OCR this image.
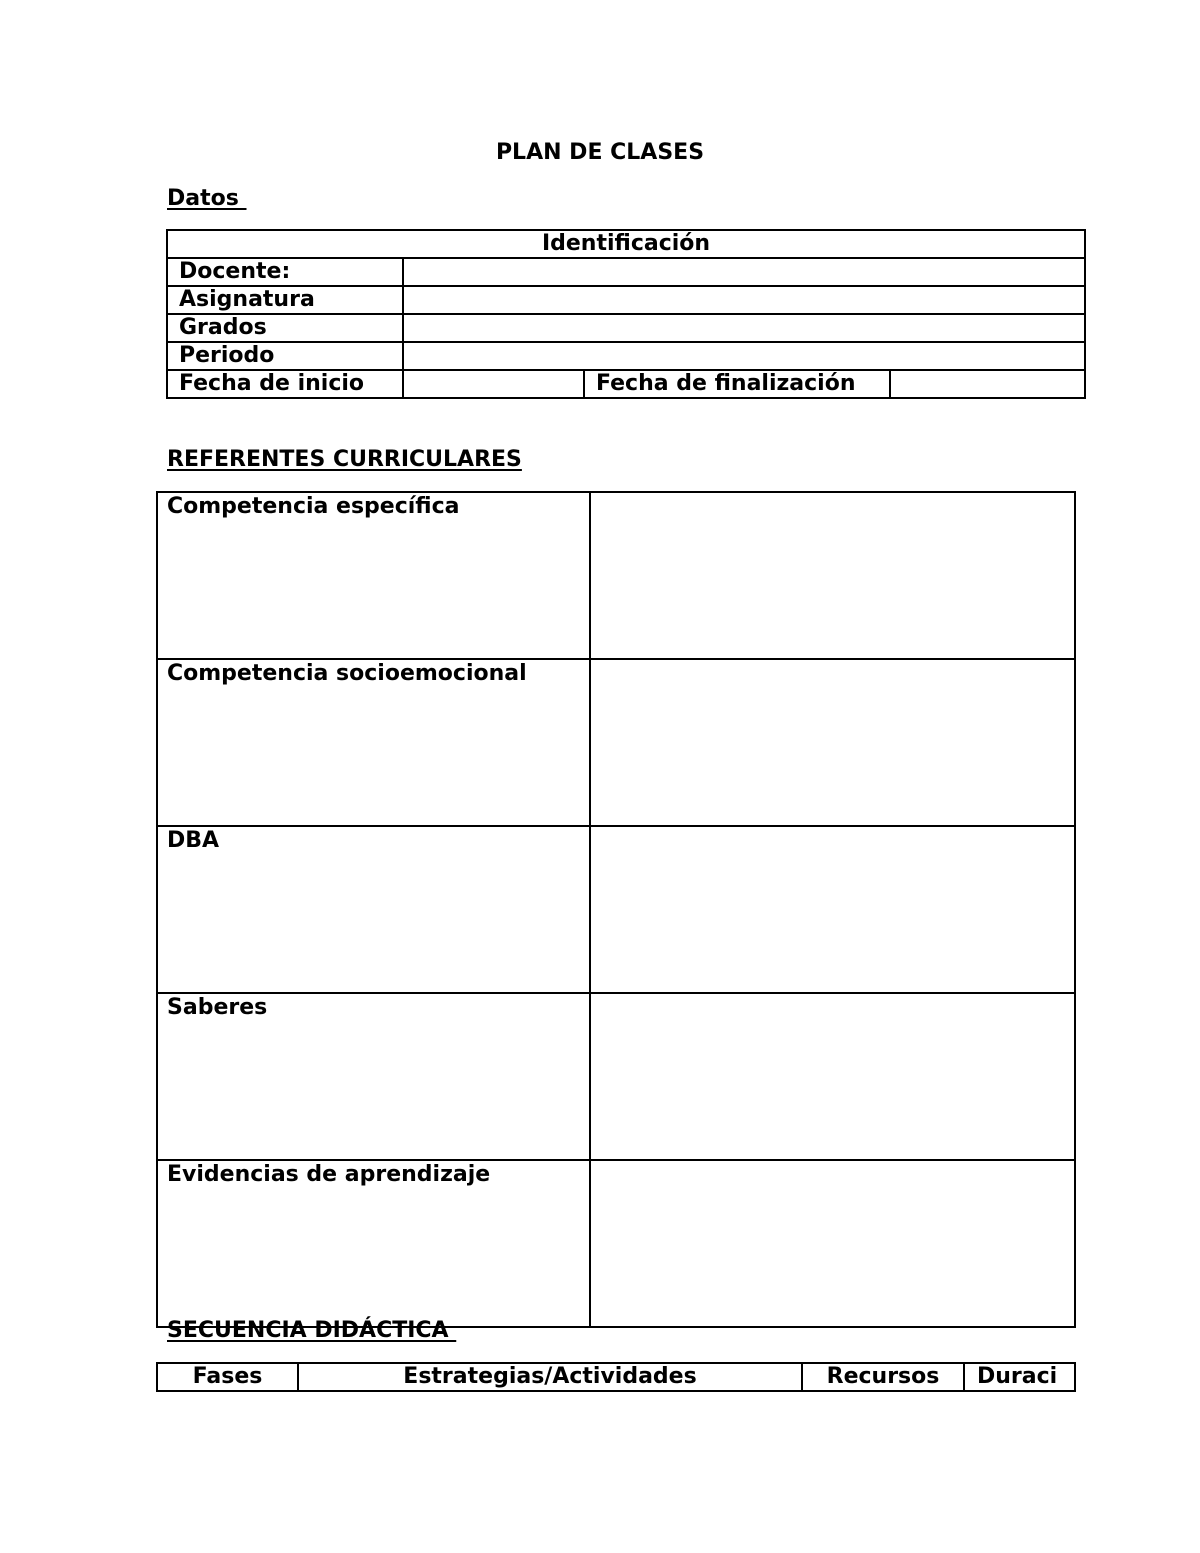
PLAN DE CLASES
Datos
Identificación			
Docente:			
Asignatura			
Grados			
Periodo			
Fecha de inicio		Fecha de finalización	
REFERENTES CURRICULARES
Competencia específica	
Competencia socioemocional	
DBA	
Saberes	
Evidencias de aprendizaje	
SECUENCIA DIDÁCTICA
Fases	Estrategias/Actividades	Recursos	Duraci
